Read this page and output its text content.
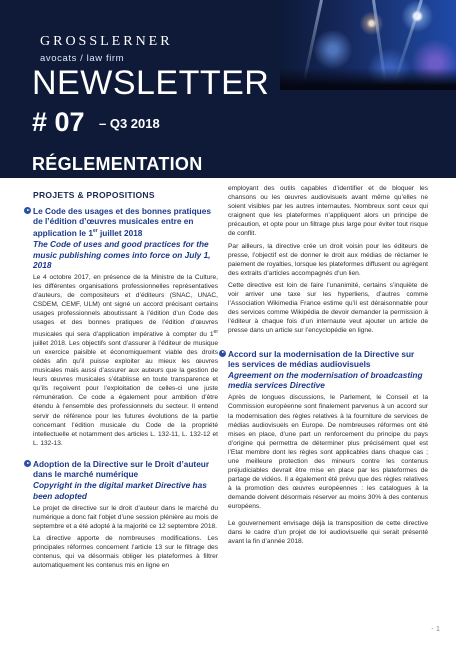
GROSSLERNER
avocats / law firm
NEWSLETTER
# 07 – Q3 2018
RÉGLEMENTATION
PROJETS & PROPOSITIONS
Le Code des usages et des bonnes pratiques de l’édition d’œuvres musicales entre en application le 1er juillet 2018
The Code of uses and good practices for the music publishing comes into force on July 1, 2018

Le 4 octobre 2017, en présence de la Ministre de la Culture, les différentes organisations professionnelles représentatives d’auteurs, de compositeurs et d’éditeurs (SNAC, UNAC, CSDEM, CEMF, ULM) ont signé un accord précisant certains usages professionnels aboutissant à l’édition d’un Code des usages et des bonnes pratiques de l’édition d’œuvres musicales qui sera d’application impérative à compter du 1er juillet 2018. Les objectifs sont d’assurer à l’éditeur de musique un exercice paisible et économiquement viable des droits cédés afin qu’il puisse exploiter au mieux les œuvres musicales mais aussi d’assurer aux auteurs que la gestion de leurs œuvres musicales s’établisse en toute transparence et qu’ils reçoivent pour l’exploitation de celles-ci une juste rémunération. Ce code a également pour ambition d’être étendu à l’ensemble des professionnels du secteur. Il entend servir de référence pour les futures évolutions de la partie concernant l’édition musicale du Code de la propriété intellectuelle et notamment des articles L. 132-11, L. 132-12 et L. 132-13.

Adoption de la Directive sur le Droit d’auteur dans le marché numérique
Copyright in the digital market Directive has been adopted

Le projet de directive sur le droit d’auteur dans le marché du numérique a donc fait l’objet d’une session plénière au mois de septembre et a été adopté à la majorité ce 12 septembre 2018.

La directive apporte de nombreuses modifications. Les principales réformes concernent l’article 13 sur le filtrage des contenus, qui va désormais obliger les plateformes à filtrer automatiquement les contenus mis en ligne en

employant des outils capables d’identifier et de bloquer les chansons ou les œuvres audiovisuels avant même qu’elles ne soient visibles par les autres internautes. Nombreux sont ceux qui craignent que les plateformes n’appliquent alors un principe de précaution, et opte pour un filtrage plus large pour éviter tout risque de conflit.

Par ailleurs, la directive crée un droit voisin pour les éditeurs de presse, l’objectif est de donner le droit aux médias de réclamer le paiement de royalties, lorsque les plateformes diffusent ou agrègent des extraits d’articles accompagnés d’un lien.

Cette directive est loin de faire l’unanimité, certains s’inquiète de voir arriver une taxe sur les hyperliens, d’autres comme l’Association Wikimedia France estime qu’il est déraisonnable pour des services comme Wikipédia de devoir demander la permission à l’éditeur à chaque fois d’un internaute veut ajouter un article de presse dans un article sur l’encyclopédie en ligne.

Accord sur la modernisation de la Directive sur les services de médias audiovisuels
Agreement on the modernisation of broadcasting media services Directive

Après de longues discussions, le Parlement, le Conseil et la Commission européenne sont finalement parvenus à un accord sur la modernisation des règles relatives à la fourniture de services de médias audiovisuels en Europe. De nombreuses réformes ont été mises en place, d’une part un renforcement du principe du pays d’origine qui permettra de déterminer plus précisément quel est l’Etat membre dont les règles sont applicables dans chaque cas ; une meilleure protection des mineurs contre les contenus préjudiciables devrait être mise en place par les plateformes de partage de vidéos. Il a également été prévu que des règles relatives à la promotion des œuvres européennes : les catalogues à la demande doivent désormais réserver au moins 30% à des contenus européens.

Le gouvernement envisage déjà la transposition de cette directive dans le cadre d’un projet de loi audiovisuelle qui serait présenté avant la fin d’année 2018.

- 1
